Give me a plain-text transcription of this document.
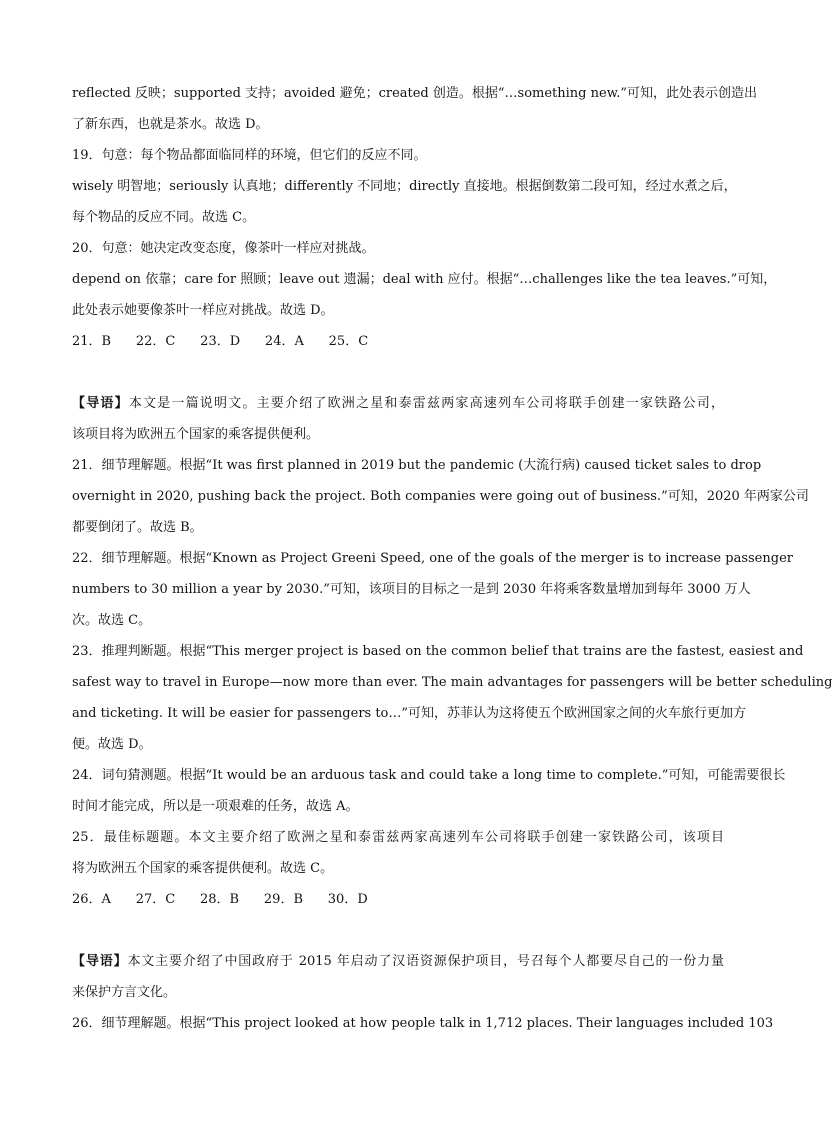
reflected 反映；supported 支持；avoided 避免；created 创造。根据“…something new.”可知，此处表示创造出
了新东西，也就是茶水。故选 D。
19．句意：每个物品都面临同样的环境，但它们的反应不同。
wisely 明智地；seriously 认真地；differently 不同地；directly 直接地。根据倒数第二段可知，经过水煮之后，
每个物品的反应不同。故选 C。
20．句意：她决定改变态度，像茶叶一样应对挑战。
depend on 依靠；care for 照顾；leave out 遗漏；deal with 应付。根据“…challenges like the tea leaves.”可知，
此处表示她要像茶叶一样应对挑战。故选 D。
21．B      22．C      23．D      24．A      25．C
【导语】本文是一篇说明文。主要介绍了欧洲之星和泰雷兹两家高速列车公司将联手创建一家铁路公司，
该项目将为欧洲五个国家的乘客提供便利。
21．细节理解题。根据“It was first planned in 2019 but the pandemic (大流行病) caused ticket sales to drop
overnight in 2020, pushing back the project. Both companies were going out of business.”可知，2020 年两家公司
都要倒闭了。故选 B。
22．细节理解题。根据“Known as Project Greeni Speed, one of the goals of the merger is to increase passenger
numbers to 30 million a year by 2030.”可知，该项目的目标之一是到 2030 年将乘客数量增加到每年 3000 万人
次。故选 C。
23．推理判断题。根据“This merger project is based on the common belief that trains are the fastest, easiest and
safest way to travel in Europe—now more than ever. The main advantages for passengers will be better scheduling
and ticketing. It will be easier for passengers to…”可知，苏菲认为这将使五个欧洲国家之间的火车旅行更加方
便。故选 D。
24．词句猜测题。根据“It would be an arduous task and could take a long time to complete.”可知，可能需要很长
时间才能完成，所以是一项艰难的任务，故选 A。
25．最佳标题题。本文主要介绍了欧洲之星和泰雷兹两家高速列车公司将联手创建一家铁路公司，该项目
将为欧洲五个国家的乘客提供便利。故选 C。
26．A      27．C      28．B      29．B      30．D
【导语】本文主要介绍了中国政府于 2015 年启动了汉语资源保护项目，号召每个人都要尽自己的一份力量
来保护方言文化。
26．细节理解题。根据“This project looked at how people talk in 1,712 places. Their languages included 103
